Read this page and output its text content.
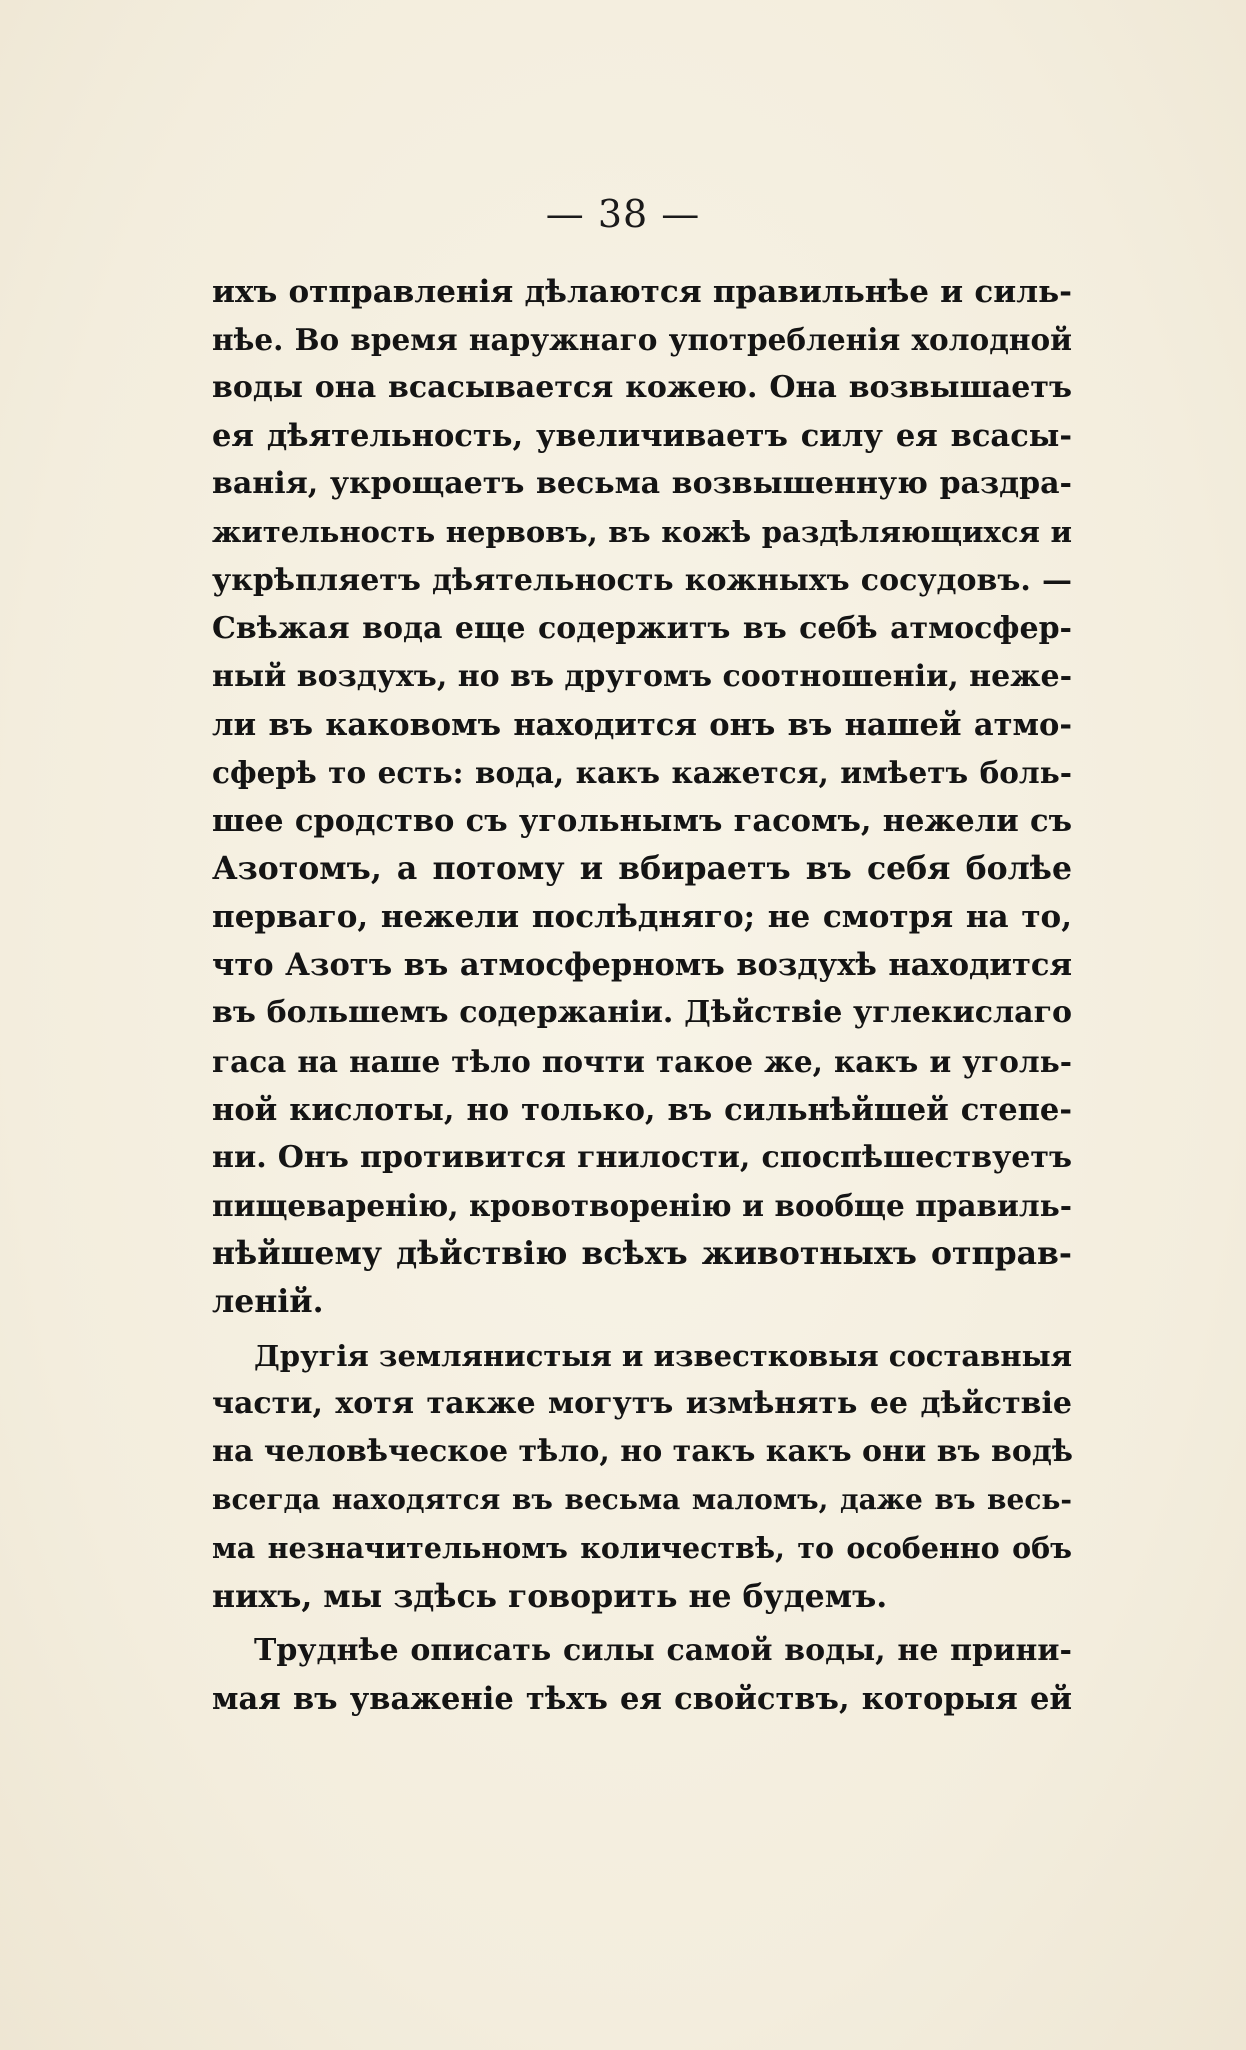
— 38 —
ихъ отправленія дѣлаются правильнѣе и силь-
нѣе. Во время наружнаго употребленія холодной
воды она всасывается кожею. Она возвышаетъ
ея дѣятельность, увеличиваетъ силу ея всасы-
ванія, укрощаетъ весьма возвышенную раздра-
жительность нервовъ, въ кожѣ раздѣляющихся и
укрѣпляетъ дѣятельность кожныхъ сосудовъ. —
Свѣжая вода еще содержитъ въ себѣ атмосфер-
ный воздухъ, но въ другомъ соотношеніи, неже-
ли въ каковомъ находится онъ въ нашей атмо-
сферѣ то есть: вода, какъ кажется, имѣетъ боль-
шее сродство съ угольнымъ гасомъ, нежели съ
Азотомъ, а потому и вбираетъ въ себя болѣе
перваго, нежели послѣдняго; не смотря на то,
что Азотъ въ атмосферномъ воздухѣ находится
въ большемъ содержаніи. Дѣйствіе углекислаго
гаса на наше тѣло почти такое же, какъ и уголь-
ной кислоты, но только, въ сильнѣйшей степе-
ни. Онъ противится гнилости, споспѣшествуетъ
пищеваренію, кровотворенію и вообще правиль-
нѣйшему дѣйствію всѣхъ животныхъ отправ-
леній.
Другія землянистыя и известковыя составныя
части, хотя также могутъ измѣнять ее дѣйствіе
на человѣческое тѣло, но такъ какъ они въ водѣ
всегда находятся въ весьма маломъ, даже въ весь-
ма незначительномъ количествѣ, то особенно объ
нихъ, мы здѣсь говорить не будемъ.
Труднѣе описать силы самой воды, не прини-
мая въ уваженіе тѣхъ ея свойствъ, которыя ей
